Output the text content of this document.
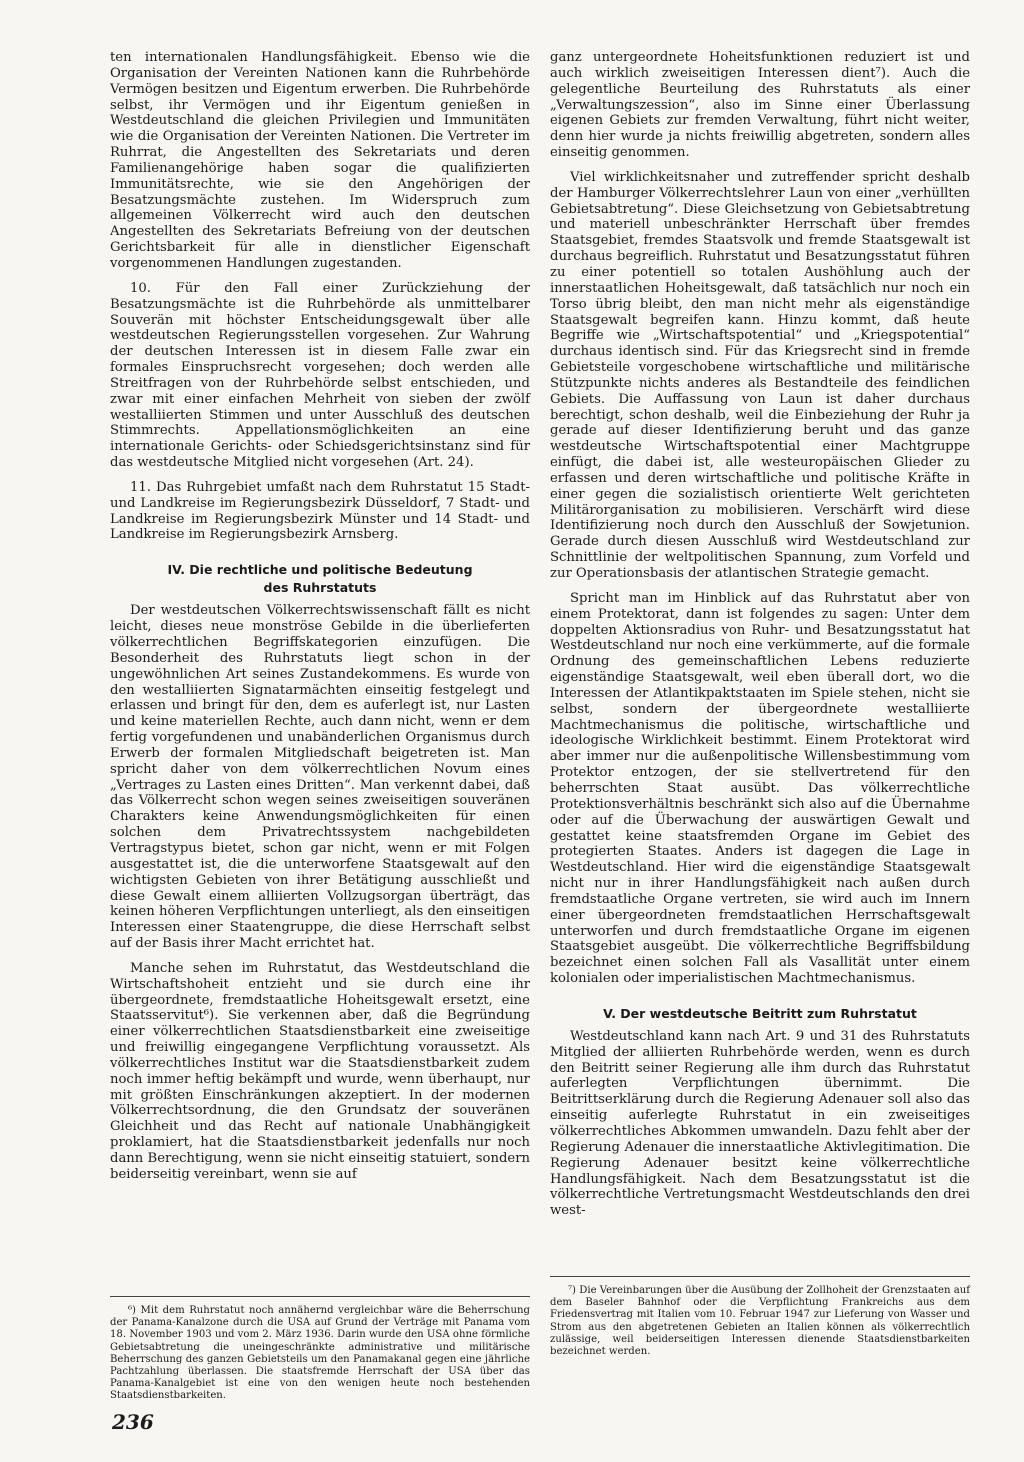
ten internationalen Handlungsfähigkeit. Ebenso wie die Organisation der Vereinten Nationen kann die Ruhrbehörde Vermögen besitzen und Eigentum erwerben. Die Ruhrbehörde selbst, ihr Vermögen und ihr Eigentum genießen in Westdeutschland die gleichen Privilegien und Immunitäten wie die Organisation der Vereinten Nationen. Die Vertreter im Ruhrrat, die Angestellten des Sekretariats und deren Familienangehörige haben sogar die qualifizierten Immunitätsrechte, wie sie den Angehörigen der Besatzungsmächte zustehen. Im Widerspruch zum allgemeinen Völkerrecht wird auch den deutschen Angestellten des Sekretariats Befreiung von der deutschen Gerichtsbarkeit für alle in dienstlicher Eigenschaft vorgenommenen Handlungen zugestanden.

10. Für den Fall einer Zurückziehung der Besatzungsmächte ist die Ruhrbehörde als unmittelbarer Souverän mit höchster Entscheidungsgewalt über alle westdeutschen Regierungsstellen vorgesehen. Zur Wahrung der deutschen Interessen ist in diesem Falle zwar ein formales Einspruchsrecht vorgesehen; doch werden alle Streitfragen von der Ruhrbehörde selbst entschieden, und zwar mit einer einfachen Mehrheit von sieben der zwölf westalliierten Stimmen und unter Ausschluß des deutschen Stimmrechts. Appellationsmöglichkeiten an eine internationale Gerichts- oder Schiedsgerichtsinstanz sind für das westdeutsche Mitglied nicht vorgesehen (Art. 24).

11. Das Ruhrgebiet umfaßt nach dem Ruhrstatut 15 Stadt- und Landkreise im Regierungsbezirk Düsseldorf, 7 Stadt- und Landkreise im Regierungsbezirk Münster und 14 Stadt- und Landkreise im Regierungsbezirk Arnsberg.

IV. Die rechtliche und politische Bedeutung
des Ruhrstatuts

Der westdeutschen Völkerrechtswissenschaft fällt es nicht leicht, dieses neue monströse Gebilde in die überlieferten völkerrechtlichen Begriffskategorien einzufügen. Die Besonderheit des Ruhrstatuts liegt schon in der ungewöhnlichen Art seines Zustandekommens. Es wurde von den westalliierten Signatarmächten einseitig festgelegt und erlassen und bringt für den, dem es auferlegt ist, nur Lasten und keine materiellen Rechte, auch dann nicht, wenn er dem fertig vorgefundenen und unabänderlichen Organismus durch Erwerb der formalen Mitgliedschaft beigetreten ist. Man spricht daher von dem völkerrechtlichen Novum eines „Vertrages zu Lasten eines Dritten“. Man verkennt dabei, daß das Völkerrecht schon wegen seines zweiseitigen souveränen Charakters keine Anwendungsmöglichkeiten für einen solchen dem Privatrechtssystem nachgebildeten Vertragstypus bietet, schon gar nicht, wenn er mit Folgen ausgestattet ist, die die unterworfene Staatsgewalt auf den wichtigsten Gebieten von ihrer Betätigung ausschließt und diese Gewalt einem alliierten Vollzugsorgan überträgt, das keinen höheren Verpflichtungen unterliegt, als den einseitigen Interessen einer Staatengruppe, die diese Herrschaft selbst auf der Basis ihrer Macht errichtet hat.

Manche sehen im Ruhrstatut, das Westdeutschland die Wirtschaftshoheit entzieht und sie durch eine ihr übergeordnete, fremdstaatliche Hoheitsgewalt ersetzt, eine Staatsservitut⁶). Sie verkennen aber, daß die Begründung einer völkerrechtlichen Staatsdienstbarkeit eine zweiseitige und freiwillig eingegangene Verpflichtung voraussetzt. Als völkerrechtliches Institut war die Staatsdienstbarkeit zudem noch immer heftig bekämpft und wurde, wenn überhaupt, nur mit größten Einschränkungen akzeptiert. In der modernen Völkerrechtsordnung, die den Grundsatz der souveränen Gleichheit und das Recht auf nationale Unabhängigkeit proklamiert, hat die Staatsdienstbarkeit jedenfalls nur noch dann Berechtigung, wenn sie nicht einseitig statuiert, sondern beiderseitig vereinbart, wenn sie auf

ganz untergeordnete Hoheitsfunktionen reduziert ist und auch wirklich zweiseitigen Interessen dient⁷). Auch die gelegentliche Beurteilung des Ruhrstatuts als einer „Verwaltungszession“, also im Sinne einer Überlassung eigenen Gebiets zur fremden Verwaltung, führt nicht weiter, denn hier wurde ja nichts freiwillig abgetreten, sondern alles einseitig genommen.

Viel wirklichkeitsnaher und zutreffender spricht deshalb der Hamburger Völkerrechtslehrer Laun von einer „verhüllten Gebietsabtretung“. Diese Gleichsetzung von Gebietsabtretung und materiell unbeschränkter Herrschaft über fremdes Staatsgebiet, fremdes Staatsvolk und fremde Staatsgewalt ist durchaus begreiflich. Ruhrstatut und Besatzungsstatut führen zu einer potentiell so totalen Aushöhlung auch der innerstaatlichen Hoheitsgewalt, daß tatsächlich nur noch ein Torso übrig bleibt, den man nicht mehr als eigenständige Staatsgewalt begreifen kann. Hinzu kommt, daß heute Begriffe wie „Wirtschaftspotential“ und „Kriegspotential“ durchaus identisch sind. Für das Kriegsrecht sind in fremde Gebietsteile vorgeschobene wirtschaftliche und militärische Stützpunkte nichts anderes als Bestandteile des feindlichen Gebiets. Die Auffassung von Laun ist daher durchaus berechtigt, schon deshalb, weil die Einbeziehung der Ruhr ja gerade auf dieser Identifizierung beruht und das ganze westdeutsche Wirtschaftspotential einer Machtgruppe einfügt, die dabei ist, alle westeuropäischen Glieder zu erfassen und deren wirtschaftliche und politische Kräfte in einer gegen die sozialistisch orientierte Welt gerichteten Militärorganisation zu mobilisieren. Verschärft wird diese Identifizierung noch durch den Ausschluß der Sowjetunion. Gerade durch diesen Ausschluß wird Westdeutschland zur Schnittlinie der weltpolitischen Spannung, zum Vorfeld und zur Operationsbasis der atlantischen Strategie gemacht.

Spricht man im Hinblick auf das Ruhrstatut aber von einem Protektorat, dann ist folgendes zu sagen: Unter dem doppelten Aktionsradius von Ruhr- und Besatzungsstatut hat Westdeutschland nur noch eine verkümmerte, auf die formale Ordnung des gemeinschaftlichen Lebens reduzierte eigenständige Staatsgewalt, weil eben überall dort, wo die Interessen der Atlantikpaktstaaten im Spiele stehen, nicht sie selbst, sondern der übergeordnete westalliierte Machtmechanismus die politische, wirtschaftliche und ideologische Wirklichkeit bestimmt. Einem Protektorat wird aber immer nur die außenpolitische Willensbestimmung vom Protektor entzogen, der sie stellvertretend für den beherrschten Staat ausübt. Das völkerrechtliche Protektionsverhältnis beschränkt sich also auf die Übernahme oder auf die Überwachung der auswärtigen Gewalt und gestattet keine staatsfremden Organe im Gebiet des protegierten Staates. Anders ist dagegen die Lage in Westdeutschland. Hier wird die eigenständige Staatsgewalt nicht nur in ihrer Handlungsfähigkeit nach außen durch fremdstaatliche Organe vertreten, sie wird auch im Innern einer übergeordneten fremdstaatlichen Herrschaftsgewalt unterworfen und durch fremdstaatliche Organe im eigenen Staatsgebiet ausgeübt. Die völkerrechtliche Begriffsbildung bezeichnet einen solchen Fall als Vasallität unter einem kolonialen oder imperialistischen Machtmechanismus.

V. Der westdeutsche Beitritt zum Ruhrstatut

Westdeutschland kann nach Art. 9 und 31 des Ruhrstatuts Mitglied der alliierten Ruhrbehörde werden, wenn es durch den Beitritt seiner Regierung alle ihm durch das Ruhrstatut auferlegten Verpflichtungen übernimmt. Die Beitrittserklärung durch die Regierung Adenauer soll also das einseitig auferlegte Ruhrstatut in ein zweiseitiges völkerrechtliches Abkommen umwandeln. Dazu fehlt aber der Regierung Adenauer die innerstaatliche Aktivlegitimation. Die Regierung Adenauer besitzt keine völkerrechtliche Handlungsfähigkeit. Nach dem Besatzungsstatut ist die völkerrechtliche Vertretungsmacht Westdeutschlands den drei west-

⁶) Mit dem Ruhrstatut noch annähernd vergleichbar wäre die Beherrschung der Panama-Kanalzone durch die USA auf Grund der Verträge mit Panama vom 18. November 1903 und vom 2. März 1936. Darin wurde den USA ohne förmliche Gebietsabtretung die uneingeschränkte administrative und militärische Beherrschung des ganzen Gebietsteils um den Panamakanal gegen eine jährliche Pachtzahlung überlassen. Die staatsfremde Herrschaft der USA über das Panama-Kanalgebiet ist eine von den wenigen heute noch bestehenden Staatsdienstbarkeiten.

⁷) Die Vereinbarungen über die Ausübung der Zollhoheit der Grenzstaaten auf dem Baseler Bahnhof oder die Verpflichtung Frankreichs aus dem Friedensvertrag mit Italien vom 10. Februar 1947 zur Lieferung von Wasser und Strom aus den abgetretenen Gebieten an Italien können als völkerrechtlich zulässige, weil beiderseitigen Interessen dienende Staatsdienstbarkeiten bezeichnet werden.

236
